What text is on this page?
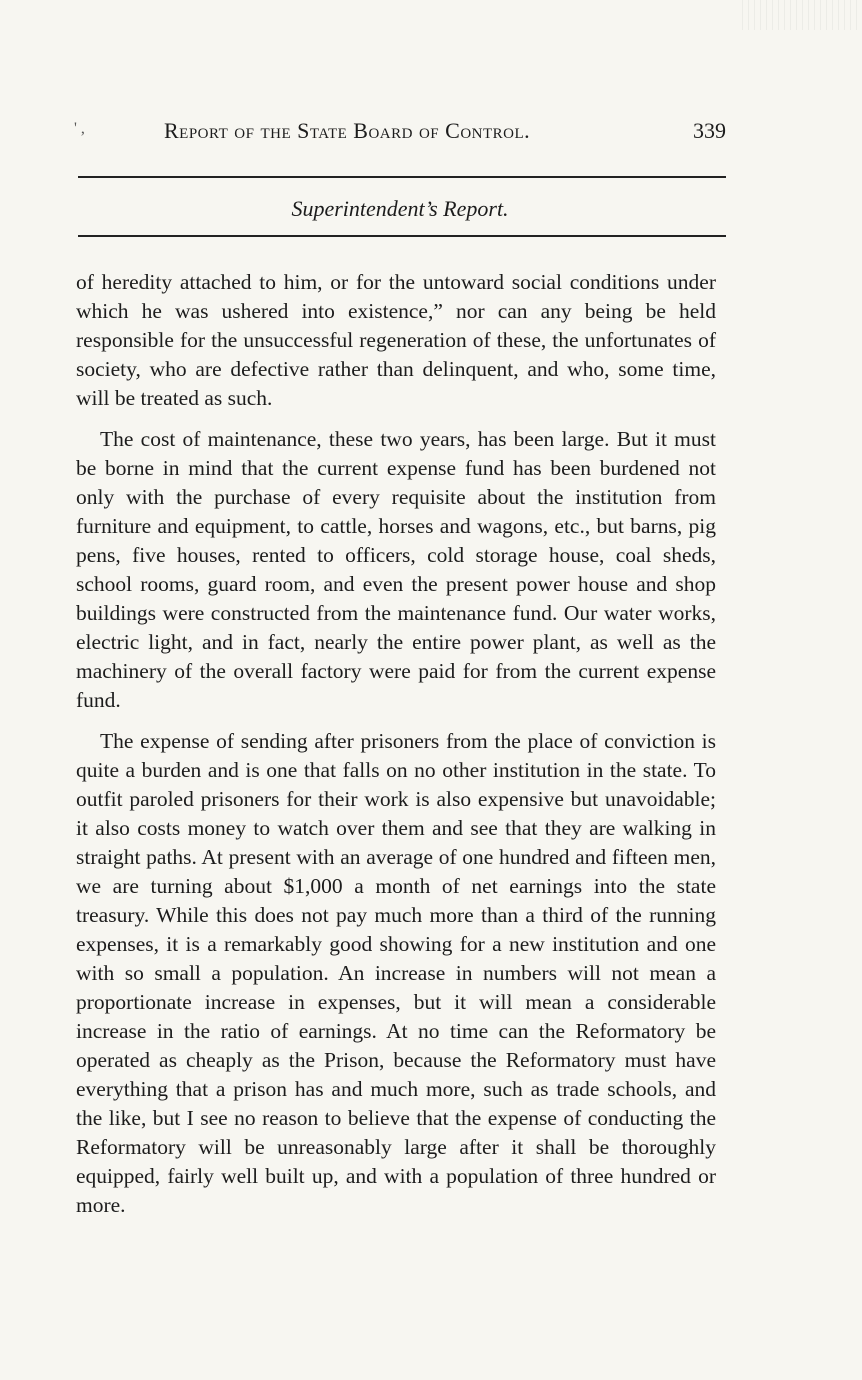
' ,	Report of the State Board of Control.	339
Superintendent’s Report.

of heredity attached to him, or for the untoward social conditions under which he was ushered into existence,” nor can any being be held responsible for the unsuccessful regeneration of these, the unfortunates of society, who are defective rather than delinquent, and who, some time, will be treated as such.

The cost of maintenance, these two years, has been large. But it must be borne in mind that the current expense fund has been burdened not only with the purchase of every requisite about the institution from furniture and equipment, to cattle, horses and wagons, etc., but barns, pig pens, five houses, rented to officers, cold storage house, coal sheds, school rooms, guard room, and even the present power house and shop buildings were constructed from the maintenance fund. Our water works, electric light, and in fact, nearly the entire power plant, as well as the machinery of the overall factory were paid for from the current expense fund.

The expense of sending after prisoners from the place of conviction is quite a burden and is one that falls on no other institution in the state. To outfit paroled prisoners for their work is also expensive but unavoidable; it also costs money to watch over them and see that they are walking in straight paths. At present with an average of one hundred and fifteen men, we are turning about $1,000 a month of net earnings into the state treasury. While this does not pay much more than a third of the running expenses, it is a remarkably good showing for a new institution and one with so small a population. An increase in numbers will not mean a proportionate increase in expenses, but it will mean a considerable increase in the ratio of earnings. At no time can the Reformatory be operated as cheaply as the Prison, because the Reformatory must have everything that a prison has and much more, such as trade schools, and the like, but I see no reason to believe that the expense of conducting the Reformatory will be unreasonably large after it shall be thoroughly equipped, fairly well built up, and with a population of three hundred or more.
